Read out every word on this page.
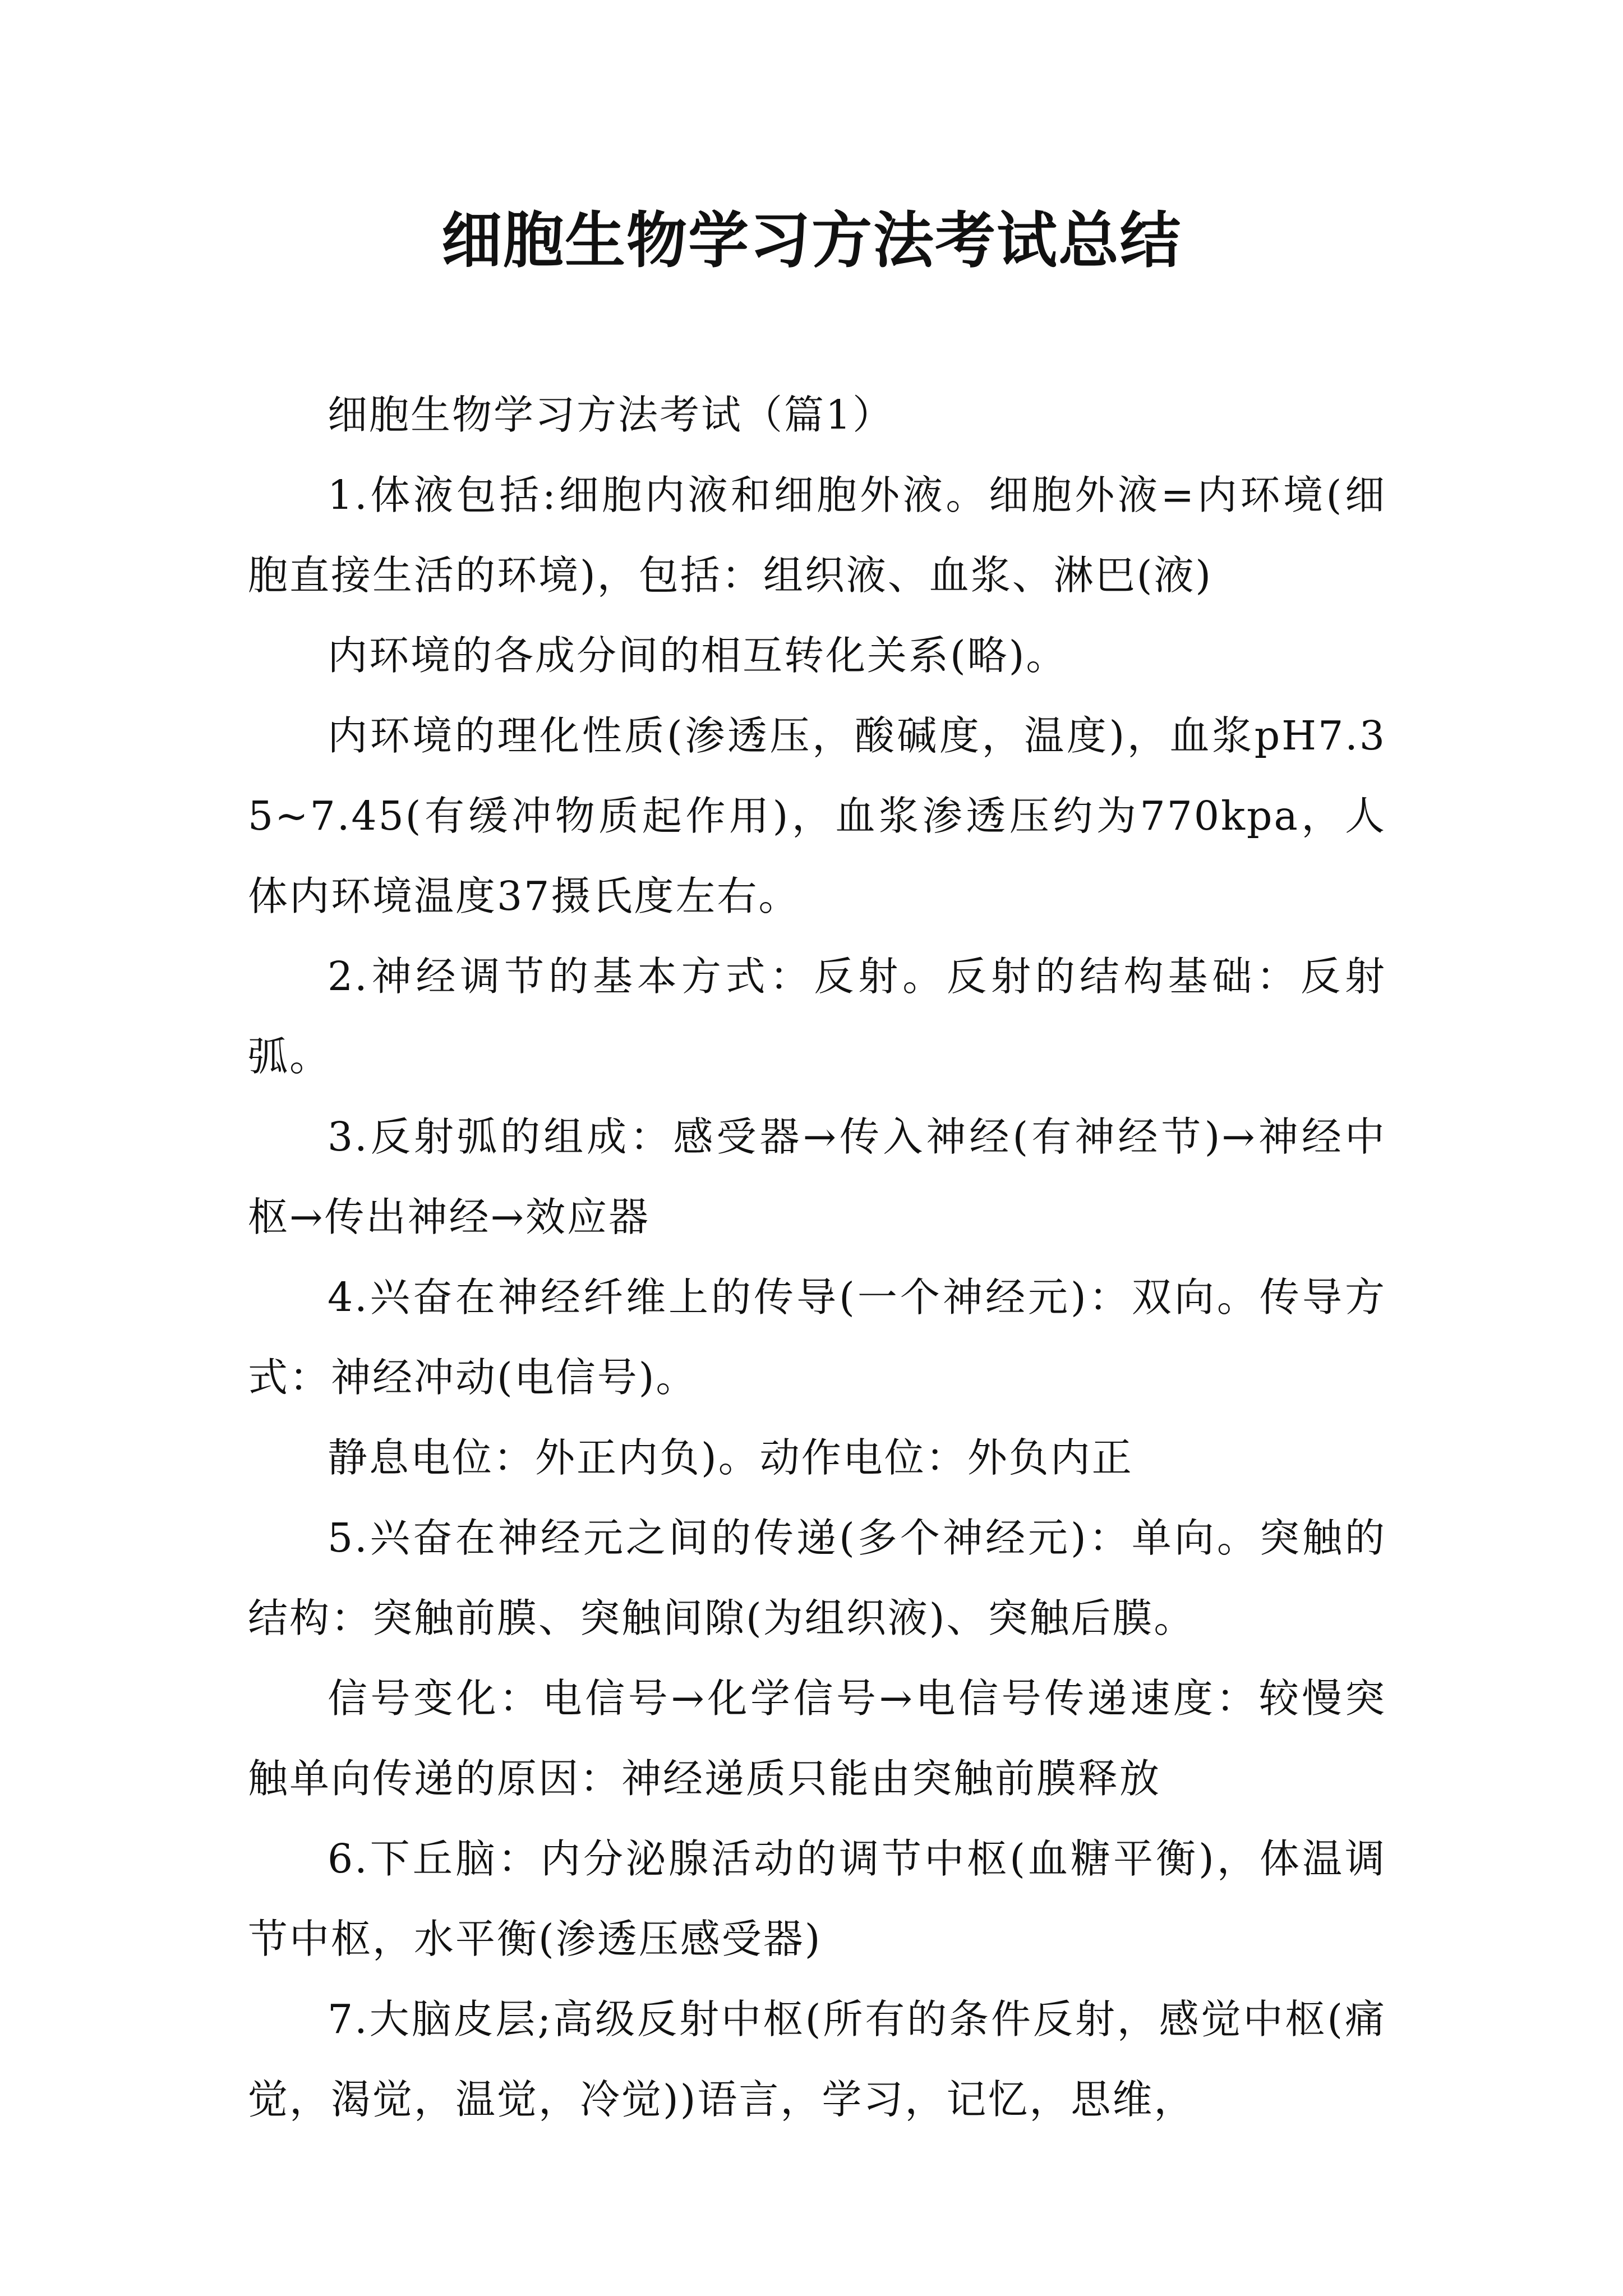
细胞生物学习方法考试总结

细胞生物学习方法考试（篇1）

1.体液包括:细胞内液和细胞外液。细胞外液=内环境(细胞直接生活的环境)，包括：组织液、血浆、淋巴(液)

内环境的各成分间的相互转化关系(略)。

内环境的理化性质(渗透压，酸碱度，温度)，血浆pH7.35~7.45(有缓冲物质起作用)，血浆渗透压约为770kpa，人体内环境温度37摄氏度左右。

2.神经调节的基本方式：反射。反射的结构基础：反射弧。

3.反射弧的组成：感受器→传入神经(有神经节)→神经中枢→传出神经→效应器

4.兴奋在神经纤维上的传导(一个神经元)：双向。传导方式：神经冲动(电信号)。

静息电位：外正内负)。动作电位：外负内正

5.兴奋在神经元之间的传递(多个神经元)：单向。突触的结构：突触前膜、突触间隙(为组织液)、突触后膜。

信号变化：电信号→化学信号→电信号传递速度：较慢突触单向传递的原因：神经递质只能由突触前膜释放

6.下丘脑：内分泌腺活动的调节中枢(血糖平衡)，体温调节中枢，水平衡(渗透压感受器)

7.大脑皮层;高级反射中枢(所有的条件反射，感觉中枢(痛觉，渴觉，温觉，冷觉))语言，学习，记忆，思维，
